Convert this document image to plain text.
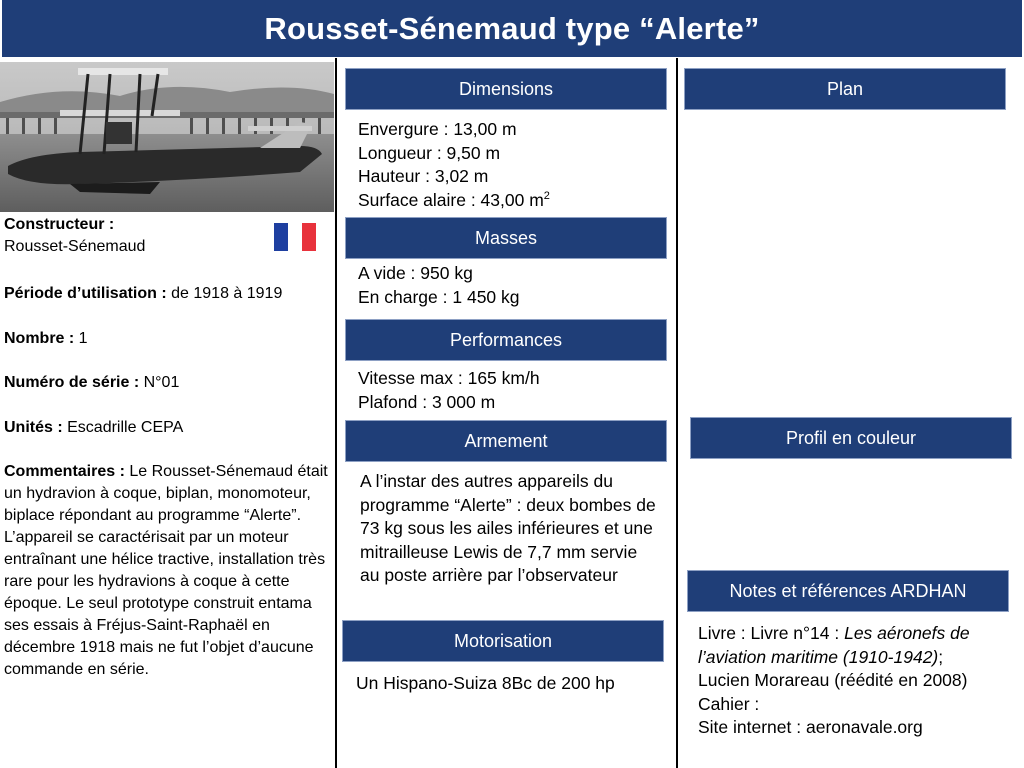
Rousset-Sénemaud type “Alerte”
Constructeur :
Rousset-Sénemaud
Période d’utilisation : de 1918 à 1919
Nombre : 1
Numéro de série : N°01
Unités : Escadrille CEPA
Commentaires : Le Rousset-Sénemaud était un hydravion à coque, biplan, monomoteur, biplace répondant au programme “Alerte”. L’appareil se caractérisait par un moteur entraînant une hélice tractive, installation très rare pour les hydravions à coque à cette époque. Le seul prototype construit entama ses essais à Fréjus-Saint-Raphaël en décembre 1918 mais ne fut l’objet d’aucune commande en série.
Dimensions
Envergure : 13,00 m
Longueur : 9,50 m
Hauteur : 3,02 m
Surface alaire : 43,00 $m^2$
Masses
A vide : 950 kg
En charge : 1 450 kg
Performances
Vitesse max : 165 km/h
Plafond : 3 000 m
Armement
A l’instar des autres appareils du programme “Alerte” : deux bombes de 73 kg sous les ailes inférieures et une mitrailleuse Lewis de 7,7 mm servie au poste arrière par l’observateur
Motorisation
Un Hispano-Suiza 8Bc de 200 hp
Plan
Profil en couleur
Notes et références ARDHAN
Livre : Livre n°14 : Les aéronefs de l’aviation maritime (1910-1942); Lucien Morareau (réédité en 2008)
Cahier :
Site internet : aeronavale.org
